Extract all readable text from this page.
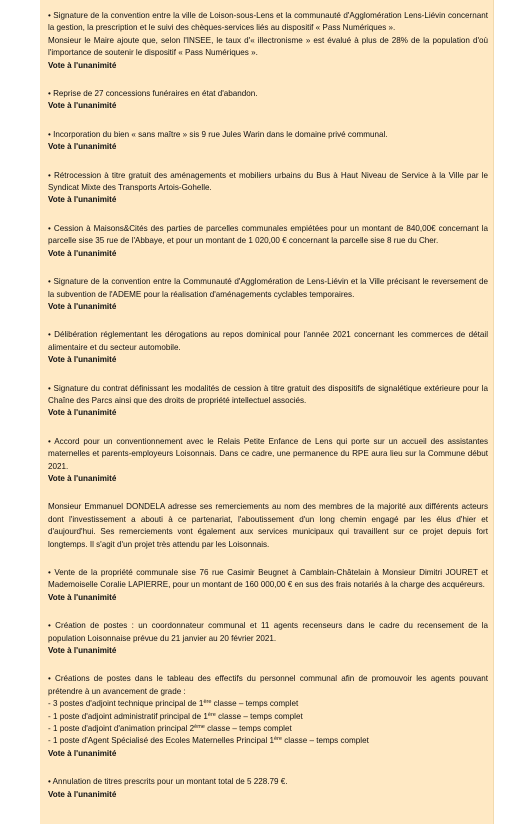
• Signature de la convention entre la ville de Loison-sous-Lens et la communauté d'Agglomération Lens-Liévin concernant la gestion, la prescription et le suivi des chèques-services liés au dispositif « Pass Numériques ».

Monsieur le Maire ajoute que, selon l'INSEE, le taux d'« illectronisme » est évalué à plus de 28% de la population d'où l'importance de soutenir le dispositif « Pass Numériques ».

Vote à l'unanimité

• Reprise de 27 concessions funéraires en état d'abandon.

Vote à l'unanimité

• Incorporation du bien « sans maître » sis 9 rue Jules Warin dans le domaine privé communal.

Vote à l'unanimité

• Rétrocession à titre gratuit des aménagements et mobiliers urbains du Bus à Haut Niveau de Service à la Ville par le Syndicat Mixte des Transports Artois-Gohelle.

Vote à l'unanimité

• Cession à Maisons&Cités des parties de parcelles communales empiétées pour un montant de 840,00€ concernant la parcelle sise 35 rue de l'Abbaye, et pour un montant de 1 020,00 € concernant la parcelle sise 8 rue du Cher.

Vote à l'unanimité

• Signature de la convention entre la Communauté d'Agglomération de Lens-Liévin et la Ville précisant le reversement de la subvention de l'ADEME pour la réalisation d'aménagements cyclables temporaires.

Vote à l'unanimité

• Délibération réglementant les dérogations au repos dominical pour l'année 2021 concernant les commerces de détail alimentaire et du secteur automobile.

Vote à l'unanimité

• Signature du contrat définissant les modalités de cession à titre gratuit des dispositifs de signalétique extérieure pour la Chaîne des Parcs ainsi que des droits de propriété intellectuel associés.

Vote à l'unanimité

• Accord pour un conventionnement avec le Relais Petite Enfance de Lens qui porte sur un accueil des assistantes maternelles et parents-employeurs Loisonnais. Dans ce cadre, une permanence du RPE aura lieu sur la Commune début 2021.

Vote à l'unanimité

Monsieur Emmanuel DONDELA adresse ses remerciements au nom des membres de la majorité aux différents acteurs dont l'investissement a abouti à ce partenariat, l'aboutissement d'un long chemin engagé par les élus d'hier et d'aujourd'hui. Ses remerciements vont également aux services municipaux qui travaillent sur ce projet depuis fort longtemps. Il s'agit d'un projet très attendu par les Loisonnais.

• Vente de la propriété communale sise 76 rue Casimir Beugnet à Camblain-Châtelain à Monsieur Dimitri JOURET et Mademoiselle Coralie LAPIERRE, pour un montant de 160 000,00 € en sus des frais notariés à la charge des acquéreurs.

Vote à l'unanimité

• Création de postes : un coordonnateur communal et 11 agents recenseurs dans le cadre du recensement de la population Loisonnaise prévue du 21 janvier au 20 février 2021.

Vote à l'unanimité

• Créations de postes dans le tableau des effectifs du personnel communal afin de promouvoir les agents pouvant prétendre à un avancement de grade :

- 3 postes d'adjoint technique principal de 1ère classe – temps complet

- 1 poste d'adjoint administratif principal de 1ère classe – temps complet

- 1 poste d'adjoint d'animation principal 2ème classe – temps complet

- 1 poste d'Agent Spécialisé des Ecoles Maternelles Principal 1ère classe – temps complet

Vote à l'unanimité

• Annulation de titres prescrits pour un montant total de 5 228.79 €.

Vote à l'unanimité
